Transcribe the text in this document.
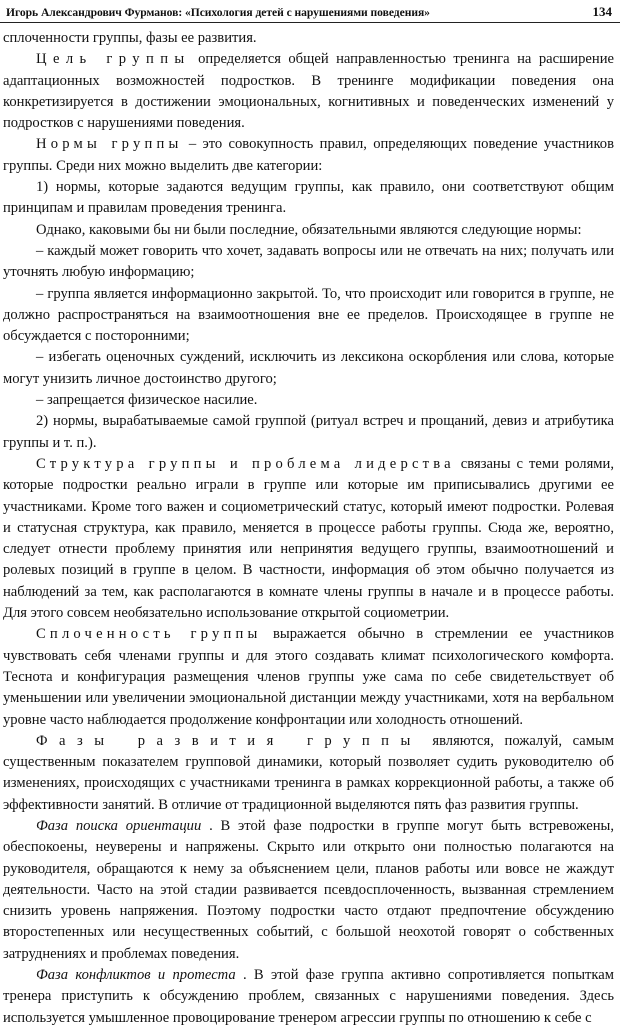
Игорь Александрович Фурманов: «Психология детей с нарушениями поведения»	134

сплоченности группы, фазы ее развития.

Цель группы определяется общей направленностью тренинга на расширение адаптационных возможностей подростков. В тренинге модификации поведения она конкретизируется в достижении эмоциональных, когнитивных и поведенческих изменений у подростков с нарушениями поведения.

Нормы группы – это совокупность правил, определяющих поведение участников группы. Среди них можно выделить две категории:

1) нормы, которые задаются ведущим группы, как правило, они соответствуют общим принципам и правилам проведения тренинга.

Однако, каковыми бы ни были последние, обязательными являются следующие нормы:

– каждый может говорить что хочет, задавать вопросы или не отвечать на них; получать или уточнять любую информацию;

– группа является информационно закрытой. То, что происходит или говорится в группе, не должно распространяться на взаимоотношения вне ее пределов. Происходящее в группе не обсуждается с посторонними;

– избегать оценочных суждений, исключить из лексикона оскорбления или слова, которые могут унизить личное достоинство другого;

– запрещается физическое насилие.

2) нормы, вырабатываемые самой группой (ритуал встреч и прощаний, девиз и атрибутика группы и т. п.).

Структура группы и проблема лидерства связаны с теми ролями, которые подростки реально играли в группе или которые им приписывались другими ее участниками. Кроме того важен и социометрический статус, который имеют подростки. Ролевая и статусная структура, как правило, меняется в процессе работы группы. Сюда же, вероятно, следует отнести проблему принятия или непринятия ведущего группы, взаимоотношений и ролевых позиций в группе в целом. В частности, информация об этом обычно получается из наблюдений за тем, как располагаются в комнате члены группы в начале и в процессе работы. Для этого совсем необязательно использование открытой социометрии.

Сплоченность группы выражается обычно в стремлении ее участников чувствовать себя членами группы и для этого создавать климат психологического комфорта. Теснота и конфигурация размещения членов группы уже сама по себе свидетельствует об уменьшении или увеличении эмоциональной дистанции между участниками, хотя на вербальном уровне часто наблюдается продолжение конфронтации или холодность отношений.

Фазы развития группы являются, пожалуй, самым существенным показателем групповой динамики, который позволяет судить руководителю об изменениях, происходящих с участниками тренинга в рамках коррекционной работы, а также об эффективности занятий. В отличие от традиционной выделяются пять фаз развития группы.

Фаза поиска ориентации . В этой фазе подростки в группе могут быть встревожены, обеспокоены, неуверены и напряжены. Скрыто или открыто они полностью полагаются на руководителя, обращаются к нему за объяснением цели, планов работы или вовсе не жаждут деятельности. Часто на этой стадии развивается псевдосплоченность, вызванная стремлением снизить уровень напряжения. Поэтому подростки часто отдают предпочтение обсуждению второстепенных или несущественных событий, с большой неохотой говорят о собственных затруднениях и проблемах поведения.

Фаза конфликтов и протеста . В этой фазе группа активно сопротивляется попыткам тренера приступить к обсуждению проблем, связанных с нарушениями поведения. Здесь используется умышленное провоцирование тренером агрессии группы по отношению к себе с
